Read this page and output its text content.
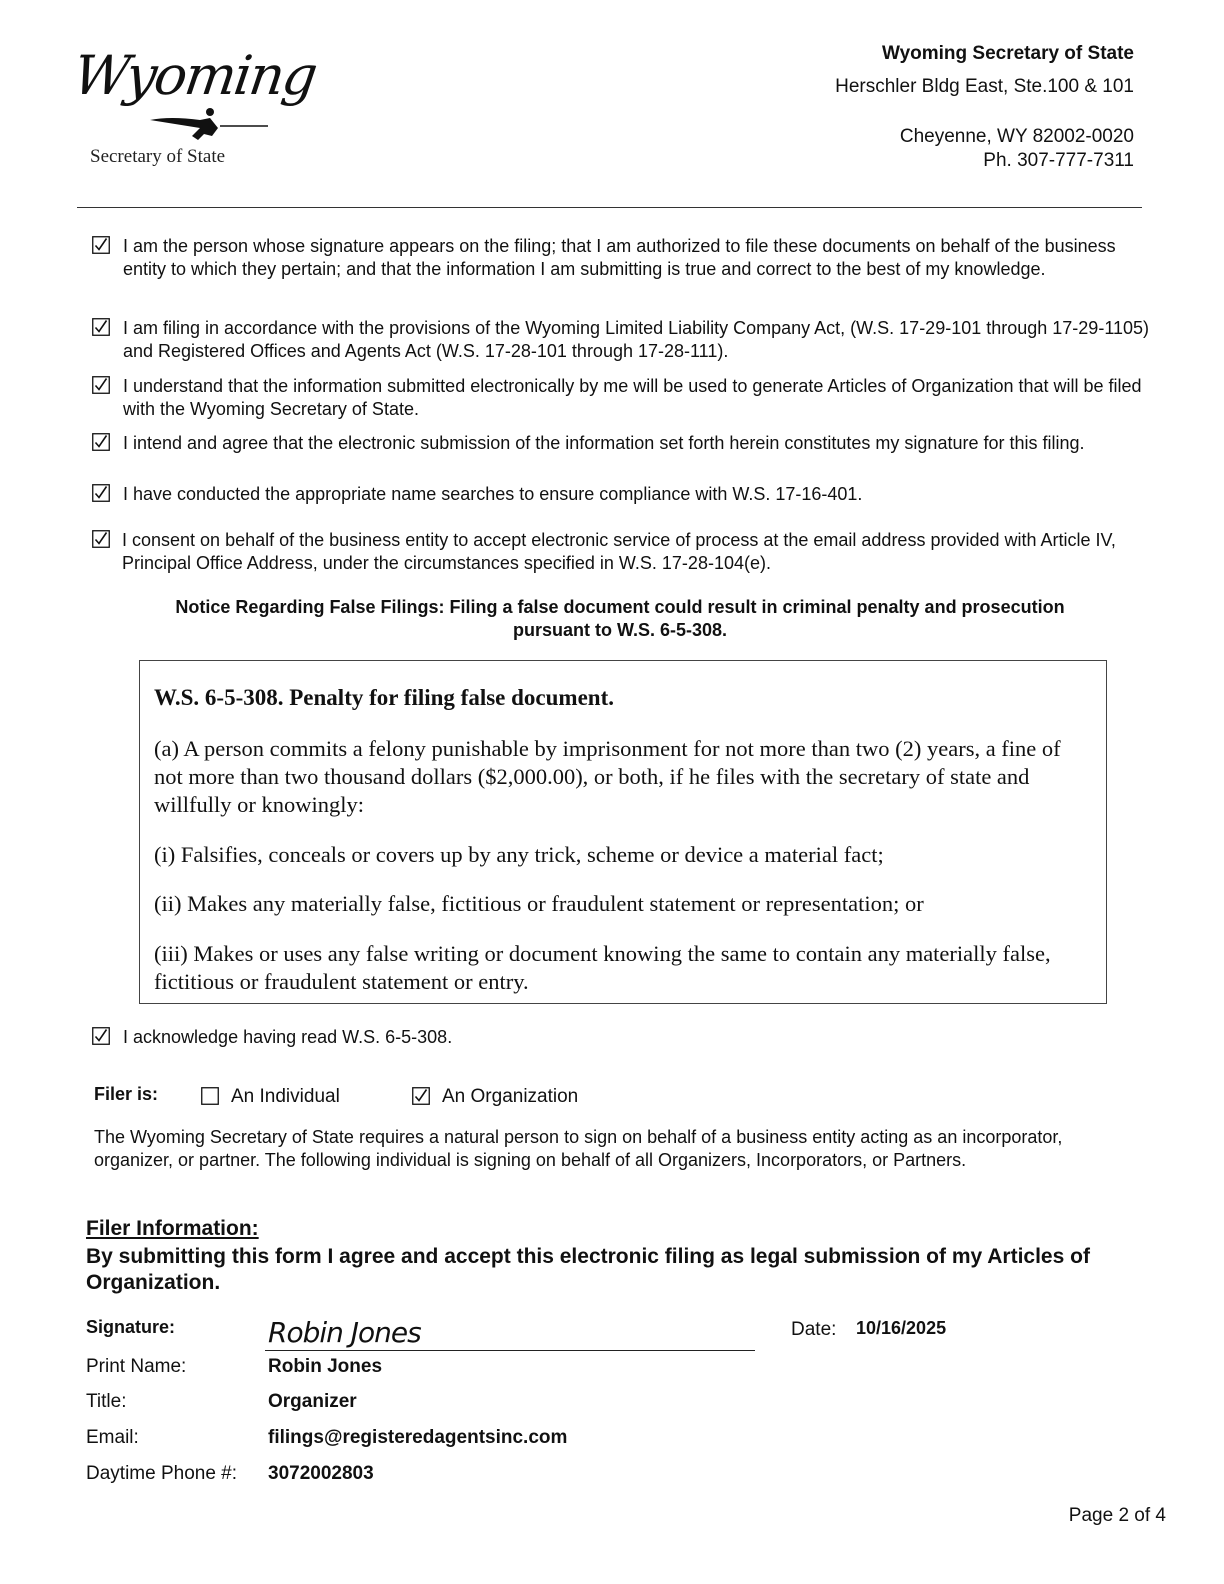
Wyoming
Secretary of State
Wyoming Secretary of State
Herschler Bldg East, Ste.100 & 101
Cheyenne, WY 82002-0020
Ph. 307-777-7311
I am the person whose signature appears on the filing; that I am authorized to file these documents on behalf of the business entity to which they pertain; and that the information I am submitting is true and correct to the best of my knowledge.
I am filing in accordance with the provisions of the Wyoming Limited Liability Company Act, (W.S. 17-29-101 through 17-29-1105) and Registered Offices and Agents Act (W.S. 17-28-101 through 17-28-111).
I understand that the information submitted electronically by me will be used to generate Articles of Organization that will be filed with the Wyoming Secretary of State.
I intend and agree that the electronic submission of the information set forth herein constitutes my signature for this filing.
I have conducted the appropriate name searches to ensure compliance with W.S. 17-16-401.
I consent on behalf of the business entity to accept electronic service of process at the email address provided with Article IV, Principal Office Address, under the circumstances specified in W.S. 17-28-104(e).
Notice Regarding False Filings: Filing a false document could result in criminal penalty and prosecution pursuant to W.S. 6-5-308.
W.S. 6-5-308. Penalty for filing false document.
(a) A person commits a felony punishable by imprisonment for not more than two (2) years, a fine of not more than two thousand dollars ($2,000.00), or both, if he files with the secretary of state and willfully or knowingly:
(i) Falsifies, conceals or covers up by any trick, scheme or device a material fact;
(ii) Makes any materially false, fictitious or fraudulent statement or representation; or
(iii) Makes or uses any false writing or document knowing the same to contain any materially false, fictitious or fraudulent statement or entry.
I acknowledge having read W.S. 6-5-308.
Filer is:	An Individual	An Organization
The Wyoming Secretary of State requires a natural person to sign on behalf of a business entity acting as an incorporator, organizer, or partner. The following individual is signing on behalf of all Organizers, Incorporators, or Partners.
Filer Information:
By submitting this form I agree and accept this electronic filing as legal submission of my Articles of Organization.
Signature:	Robin Jones	Date: 10/16/2025
Print Name:	Robin Jones
Title:	Organizer
Email:	filings@registeredagentsinc.com
Daytime Phone #: 3072002803
Page 2 of 4
